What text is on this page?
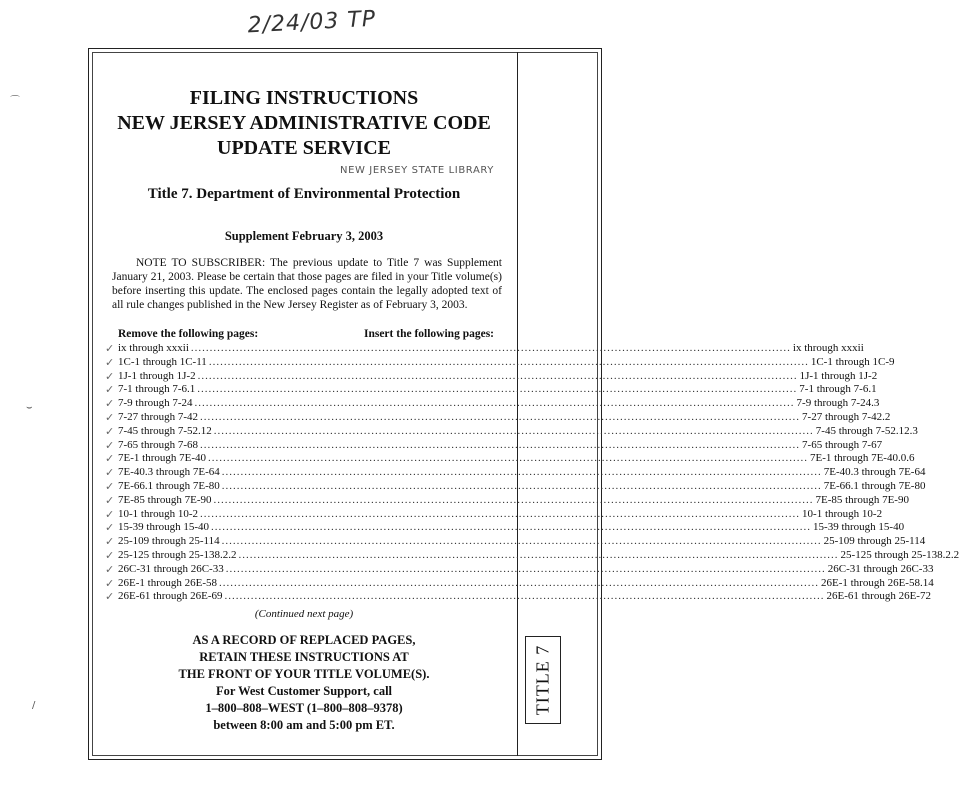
2/24/03 TP
TITLE 7
⌒
⌣
/

FILING INSTRUCTIONS

NEW JERSEY ADMINISTRATIVE CODE

UPDATE SERVICE

NEW JERSEY STATE LIBRARY

Title 7. Department of Environmental Protection

Supplement February 3, 2003

NOTE TO SUBSCRIBER: The previous update to Title 7 was Supplement January 21, 2003. Please be certain that those pages are filed in your Title volume(s) before inserting this update. The enclosed pages contain the legally adopted text of all rule changes published in the New Jersey Register as of February 3, 2003.

Remove the following pages:	Insert the following pages:
✓ ix through xxxii ................................................................................................................................................................ ix through xxxii
✓ 1C-1 through 1C-11 ................................................................................................................................................................ 1C-1 through 1C-9
✓ 1J-1 through 1J-2 ................................................................................................................................................................ 1J-1 through 1J-2
✓ 7-1 through 7-6.1 ................................................................................................................................................................ 7-1 through 7-6.1
✓ 7-9 through 7-24 ................................................................................................................................................................ 7-9 through 7-24.3
✓ 7-27 through 7-42 ................................................................................................................................................................ 7-27 through 7-42.2
✓ 7-45 through 7-52.12 ................................................................................................................................................................ 7-45 through 7-52.12.3
✓ 7-65 through 7-68 ................................................................................................................................................................ 7-65 through 7-67
✓ 7E-1 through 7E-40 ................................................................................................................................................................ 7E-1 through 7E-40.0.6
✓ 7E-40.3 through 7E-64 ................................................................................................................................................................ 7E-40.3 through 7E-64
✓ 7E-66.1 through 7E-80 ................................................................................................................................................................ 7E-66.1 through 7E-80
✓ 7E-85 through 7E-90 ................................................................................................................................................................ 7E-85 through 7E-90
✓ 10-1 through 10-2 ................................................................................................................................................................ 10-1 through 10-2
✓ 15-39 through 15-40 ................................................................................................................................................................ 15-39 through 15-40
✓ 25-109 through 25-114 ................................................................................................................................................................ 25-109 through 25-114
✓ 25-125 through 25-138.2.2 ................................................................................................................................................................ 25-125 through 25-138.2.2
✓ 26C-31 through 26C-33 ................................................................................................................................................................ 26C-31 through 26C-33
✓ 26E-1 through 26E-58 ................................................................................................................................................................ 26E-1 through 26E-58.14
✓ 26E-61 through 26E-69 ................................................................................................................................................................ 26E-61 through 26E-72
(Continued next page)
AS A RECORD OF REPLACED PAGES,
RETAIN THESE INSTRUCTIONS AT
THE FRONT OF YOUR TITLE VOLUME(S).
For West Customer Support, call
1–800–808–WEST (1–800–808–9378)
between 8:00 am and 5:00 pm ET.
